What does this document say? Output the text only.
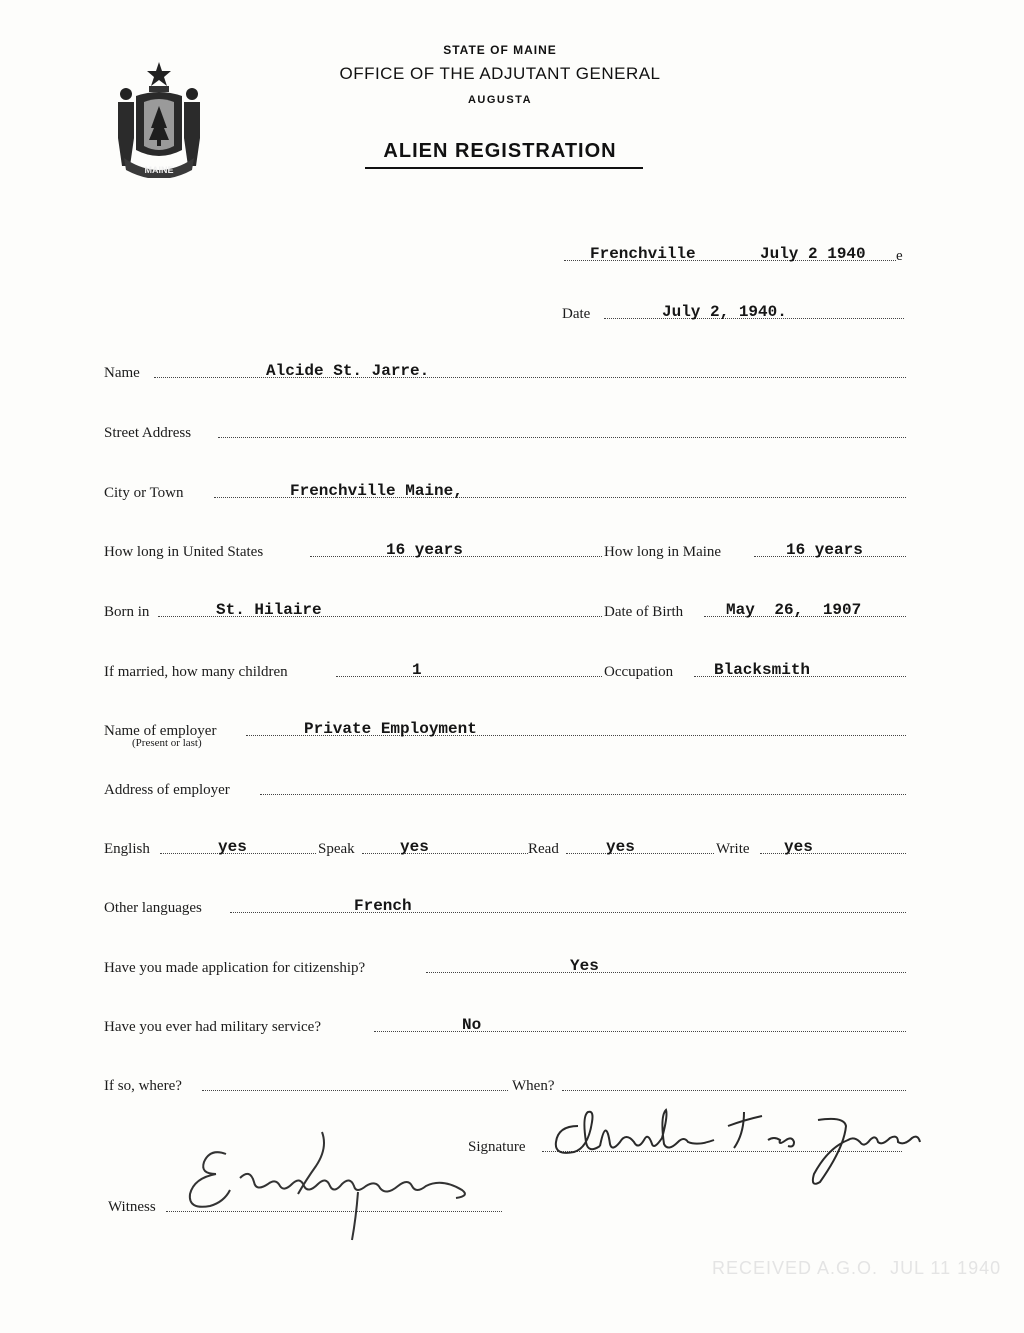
MAINE
STATE OF MAINE
OFFICE OF THE ADJUTANT GENERAL
AUGUSTA
ALIEN REGISTRATION
Frenchville	July 2 1940 e
Date	July 2, 1940.
Name	Alcide St. Jarre.
Street Address
City or Town	Frenchville Maine,
How long in United States	16 years	How long in Maine	16 years
Born in	St. Hilaire	Date of Birth	May 26, 1907
If married, how many children	1	Occupation	Blacksmith
Name of employer	Private Employment
(Present or last)
Address of employer
English	yes	Speak	yes	Read	yes	Write yes
Other languages	French
Have you made application for citizenship?	Yes
Have you ever had military service?	No
If so, where?	When?
Signature
Alcide St Jarre
Witness
E. Levesque
RECEIVED A.G.O. JUL 11 1940
